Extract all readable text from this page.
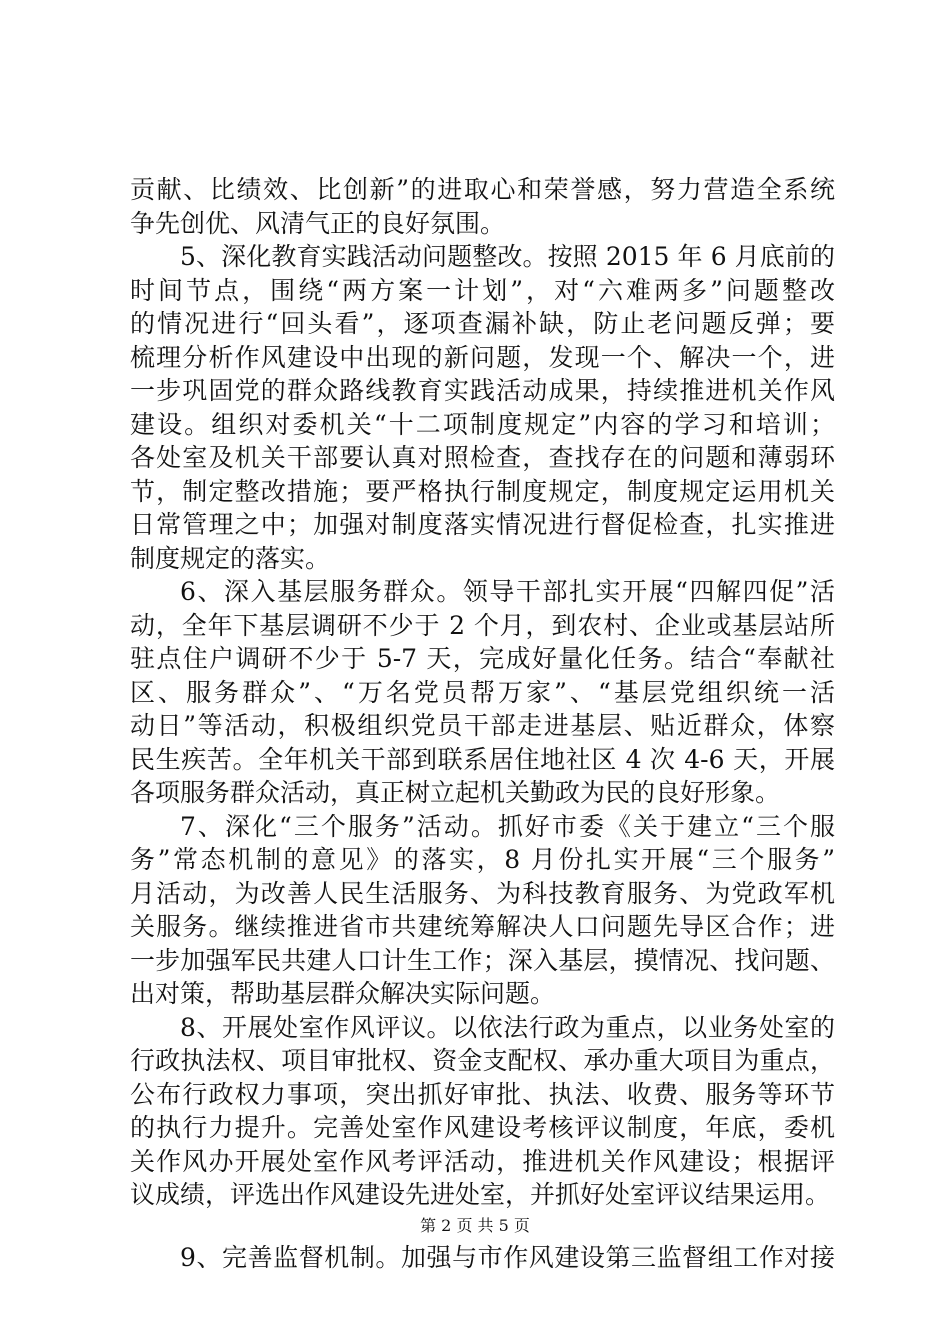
贡献、比绩效、比创新”的进取心和荣誉感，努力营造全系统
争先创优、风清气正的良好氛围。
5、深化教育实践活动问题整改。按照 2015 年 6 月底前的
时间节点，围绕“两方案一计划”，对“六难两多”问题整改
的情况进行“回头看”，逐项查漏补缺，防止老问题反弹；要
梳理分析作风建设中出现的新问题，发现一个、解决一个，进
一步巩固党的群众路线教育实践活动成果，持续推进机关作风
建设。组织对委机关“十二项制度规定”内容的学习和培训；
各处室及机关干部要认真对照检查，查找存在的问题和薄弱环
节，制定整改措施；要严格执行制度规定，制度规定运用机关
日常管理之中；加强对制度落实情况进行督促检查，扎实推进
制度规定的落实。
6、深入基层服务群众。领导干部扎实开展“四解四促”活
动，全年下基层调研不少于 2 个月，到农村、企业或基层站所
驻点住户调研不少于 5-7 天，完成好量化任务。结合“奉献社
区、服务群众”、“万名党员帮万家”、“基层党组织统一活
动日”等活动，积极组织党员干部走进基层、贴近群众，体察
民生疾苦。全年机关干部到联系居住地社区 4 次 4-6 天，开展
各项服务群众活动，真正树立起机关勤政为民的良好形象。
7、深化“三个服务”活动。抓好市委《关于建立“三个服
务”常态机制的意见》的落实，8 月份扎实开展“三个服务”
月活动，为改善人民生活服务、为科技教育服务、为党政军机
关服务。继续推进省市共建统筹解决人口问题先导区合作；进
一步加强军民共建人口计生工作；深入基层，摸情况、找问题、
出对策，帮助基层群众解决实际问题。
8、开展处室作风评议。以依法行政为重点，以业务处室的
行政执法权、项目审批权、资金支配权、承办重大项目为重点，
公布行政权力事项，突出抓好审批、执法、收费、服务等环节
的执行力提升。完善处室作风建设考核评议制度，年底，委机
关作风办开展处室作风考评活动，推进机关作风建设；根据评
议成绩，评选出作风建设先进处室，并抓好处室评议结果运用。
9、完善监督机制。加强与市作风建设第三监督组工作对接
第 2 页 共 5 页
